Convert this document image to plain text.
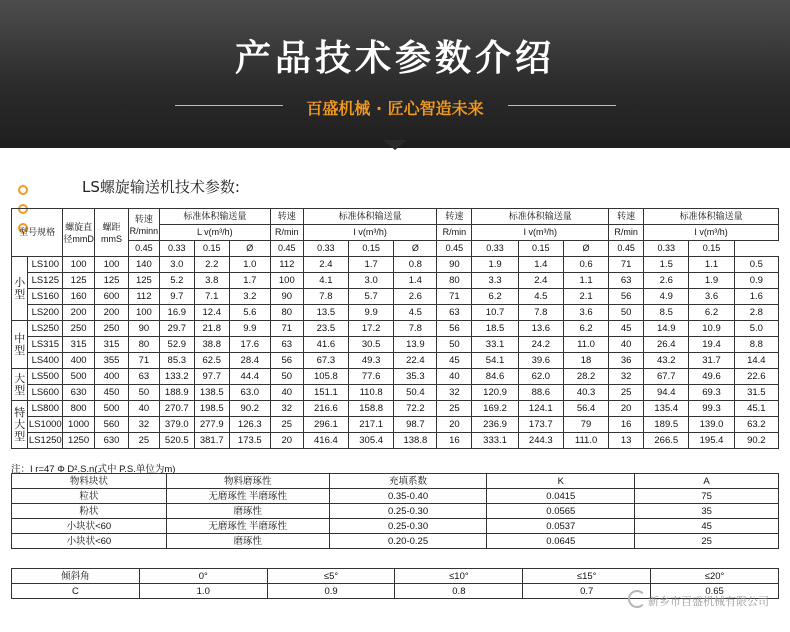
产品技术参数介绍
百盛机械 · 匠心智造未来
LS螺旋输送机技术参数:
型号规格		螺旋直径mmD	螺距mmS	转速R/minn	标准体积输送量			转速	标准体积输送量			转速	标准体积输送量			转速	标准体积输送量		
					L v(m³/h)			R/min	I v(m³/h)			R/min	I v(m³/h)			R/min	I v(m³/h)		
				0.45	0.33	0.15	Ø	0.45	0.33	0.15	Ø	0.45	0.33	0.15	Ø	0.45	0.33	0.15	
小型	LS100	100	100	140	3.0	2.2	1.0	112	2.4	1.7	0.8	90	1.9	1.4	0.6	71	1.5	1.1	0.5
	LS125	125	125	125	5.2	3.8	1.7	100	4.1	3.0	1.4	80	3.3	2.4	1.1	63	2.6	1.9	0.9
	LS160	160	600	112	9.7	7.1	3.2	90	7.8	5.7	2.6	71	6.2	4.5	2.1	56	4.9	3.6	1.6
	LS200	200	200	100	16.9	12.4	5.6	80	13.5	9.9	4.5	63	10.7	7.8	3.6	50	8.5	6.2	2.8
中型	LS250	250	250	90	29.7	21.8	9.9	71	23.5	17.2	7.8	56	18.5	13.6	6.2	45	14.9	10.9	5.0
	LS315	315	315	80	52.9	38.8	17.6	63	41.6	30.5	13.9	50	33.1	24.2	11.0	40	26.4	19.4	8.8
	LS400	400	355	71	85.3	62.5	28.4	56	67.3	49.3	22.4	45	54.1	39.6	18	36	43.2	31.7	14.4
大型	LS500	500	400	63	133.2	97.7	44.4	50	105.8	77.6	35.3	40	84.6	62.0	28.2	32	67.7	49.6	22.6
	LS600	630	450	50	188.9	138.5	63.0	40	151.1	110.8	50.4	32	120.9	88.6	40.3	25	94.4	69.3	31.5
特大型	LS800	800	500	40	270.7	198.5	90.2	32	216.6	158.8	72.2	25	169.2	124.1	56.4	20	135.4	99.3	45.1
	LS1000	1000	560	32	379.0	277.9	126.3	25	296.1	217.1	98.7	20	236.9	173.7	79	16	189.5	139.0	63.2
	LS1250	1250	630	25	520.5	381.7	173.5	20	416.4	305.4	138.8	16	333.1	244.3	111.0	13	266.5	195.4	90.2
注：I r=47 Φ D².S.n(式中 P.S.单位为m)
物料块状	物料磨琢性	充填系数	K	A
粒状	无磨琢性 半磨琢性	0.35-0.40	0.0415	75
粉状	磨琢性	0.25-0.30	0.0565	35
小块状<60	无磨琢性 半磨琢性	0.25-0.30	0.0537	45
小块状<60	磨琢性	0.20-0.25	0.0645	25
倾斜角	0°	≤5°	≤10°	≤15°	≤20°
C	1.0	0.9	0.8	0.7	0.65
新乡市百盛机械有限公司
